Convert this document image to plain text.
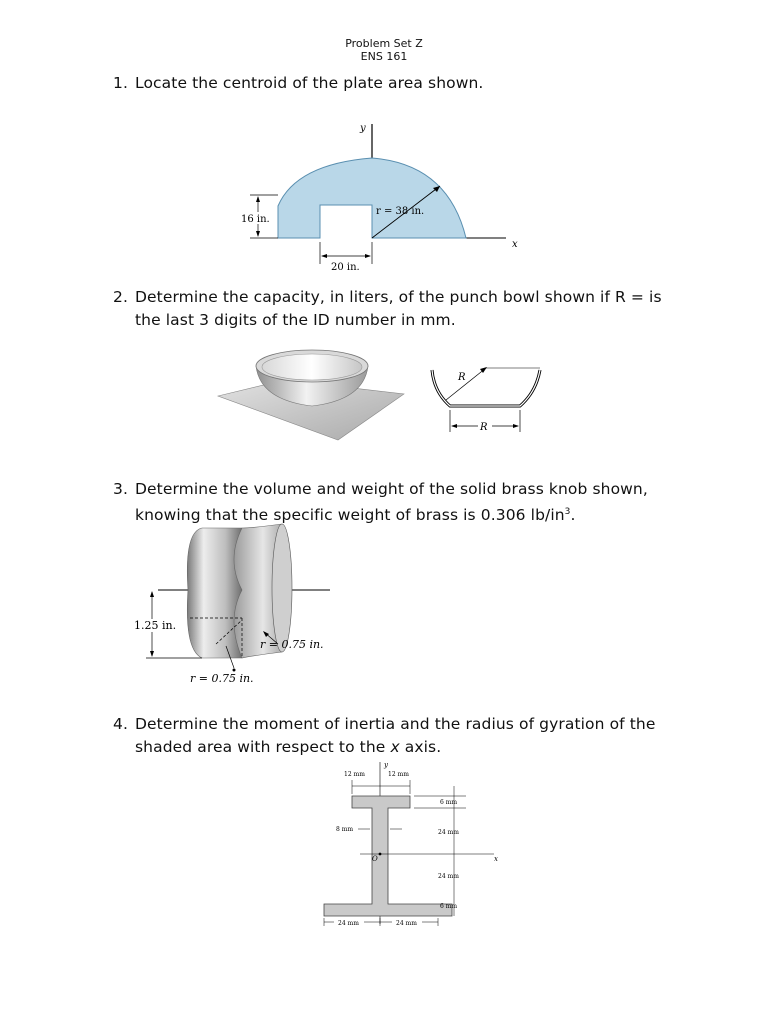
Problem Set Z
ENS 161
1. Locate the centroid of the plate area shown.
y
x
r = 38 in.
16 in.
20 in.
2. Determine the capacity, in liters, of the punch bowl shown if R = is
the last 3 digits of the ID number in mm.
R
R
3. Determine the volume and weight of the solid brass knob shown,
knowing that the specific weight of brass is 0.306 $lb/in^3$.
1.25 in.
r = 0.75 in.
r = 0.75 in.
4. Determine the moment of inertia and the radius of gyration of the
shaded area with respect to the x axis.
y
x
O
12 mm	12 mm
8 mm
6 mm
24 mm
24 mm
6 mm
24 mm	24 mm
